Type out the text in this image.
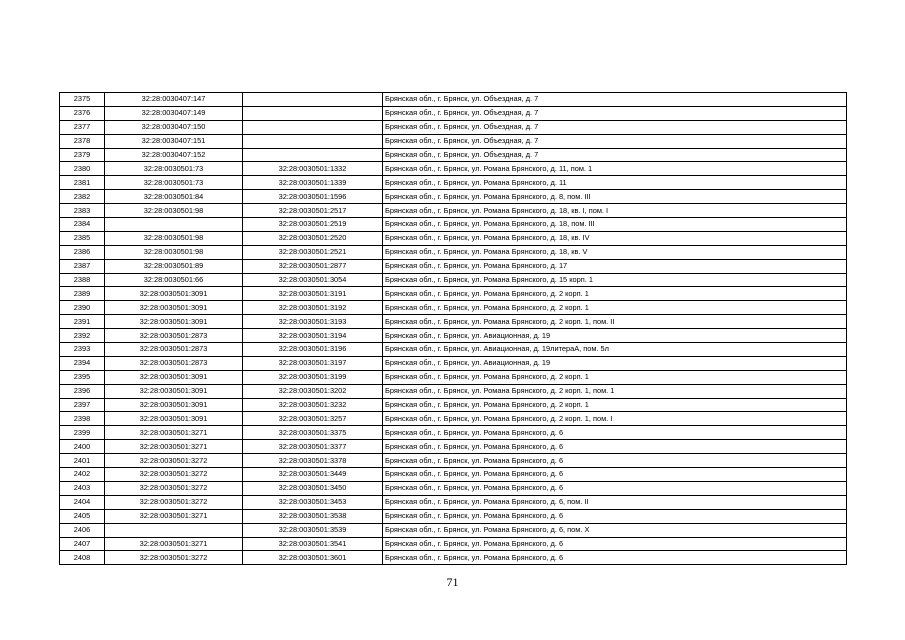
2375	32:28:0030407:147		Брянская обл., г. Брянск, ул. Объездная, д. 7
2376	32:28:0030407:149		Брянская обл., г. Брянск, ул. Объездная, д. 7
2377	32:28:0030407:150		Брянская обл., г. Брянск, ул. Объездная, д. 7
2378	32:28:0030407:151		Брянская обл., г. Брянск, ул. Объездная, д. 7
2379	32:28:0030407:152		Брянская обл., г. Брянск, ул. Объездная, д. 7
2380	32:28:0030501:73	32:28:0030501:1332	Брянская обл., г. Брянск, ул. Романа Брянского, д. 11, пом. 1
2381	32:28:0030501:73	32:28:0030501:1339	Брянская обл., г. Брянск, ул. Романа Брянского, д. 11
2382	32:28:0030501:84	32:28:0030501:1596	Брянская обл., г. Брянск, ул. Романа Брянского, д. 8, пом. III
2383	32:28:0030501:98	32:28:0030501:2517	Брянская обл., г. Брянск, ул. Романа Брянского, д. 18, кв. I, пом. I
2384		32:28:0030501:2519	Брянская обл., г. Брянск, ул. Романа Брянского, д. 18, пом. III
2385	32:28:0030501:98	32:28:0030501:2520	Брянская обл., г. Брянск, ул. Романа Брянского, д. 18, кв. IV
2386	32:28:0030501:98	32:28:0030501:2521	Брянская обл., г. Брянск, ул. Романа Брянского, д. 18, кв. V
2387	32:28:0030501:89	32:28:0030501:2877	Брянская обл., г. Брянск, ул. Романа Брянского, д. 17
2388	32:28:0030501:66	32:28:0030501:3054	Брянская обл., г. Брянск, ул. Романа Брянского, д. 15 корп. 1
2389	32:28:0030501:3091	32:28:0030501:3191	Брянская обл., г. Брянск, ул. Романа Брянского, д. 2 корп. 1
2390	32:28:0030501:3091	32:28:0030501:3192	Брянская обл., г. Брянск, ул. Романа Брянского, д. 2 корп. 1
2391	32:28:0030501:3091	32:28:0030501:3193	Брянская обл., г. Брянск, ул. Романа Брянского, д. 2 корп. 1, пом. II
2392	32:28:0030501:2873	32:28:0030501:3194	Брянская обл., г. Брянск, ул. Авиационная, д. 19
2393	32:28:0030501:2873	32:28:0030501:3196	Брянская обл., г. Брянск, ул. Авиационная, д. 19литераА, пом. 5л
2394	32:28:0030501:2873	32:28:0030501:3197	Брянская обл., г. Брянск, ул. Авиационная, д. 19
2395	32:28:0030501:3091	32:28:0030501:3199	Брянская обл., г. Брянск, ул. Романа Брянского, д. 2 корп. 1
2396	32:28:0030501:3091	32:28:0030501:3202	Брянская обл., г. Брянск, ул. Романа Брянского, д. 2 корп. 1, пом. 1
2397	32:28:0030501:3091	32:28:0030501:3232	Брянская обл., г. Брянск, ул. Романа Брянского, д. 2 корп. 1
2398	32:28:0030501:3091	32:28:0030501:3257	Брянская обл., г. Брянск, ул. Романа Брянского, д. 2 корп. 1, пом. I
2399	32:28:0030501:3271	32:28:0030501:3375	Брянская обл., г. Брянск, ул. Романа Брянского, д. 6
2400	32:28:0030501:3271	32:28:0030501:3377	Брянская обл., г. Брянск, ул. Романа Брянского, д. 6
2401	32:28:0030501:3272	32:28:0030501:3378	Брянская обл., г. Брянск, ул. Романа Брянского, д. 6
2402	32:28:0030501:3272	32:28:0030501:3449	Брянская обл., г. Брянск, ул. Романа Брянского, д. 6
2403	32:28:0030501:3272	32:28:0030501:3450	Брянская обл., г. Брянск, ул. Романа Брянского, д. 6
2404	32:28:0030501:3272	32:28:0030501:3453	Брянская обл., г. Брянск, ул. Романа Брянского, д. 6, пом. II
2405	32:28:0030501:3271	32:28:0030501:3538	Брянская обл., г. Брянск, ул. Романа Брянского, д. 6
2406		32:28:0030501:3539	Брянская обл., г. Брянск, ул. Романа Брянского, д. 6, пом. X
2407	32:28:0030501:3271	32:28:0030501:3541	Брянская обл., г. Брянск, ул. Романа Брянского, д. 6
2408	32:28:0030501:3272	32:28:0030501:3601	Брянская обл., г. Брянск, ул. Романа Брянского, д. 6
71
